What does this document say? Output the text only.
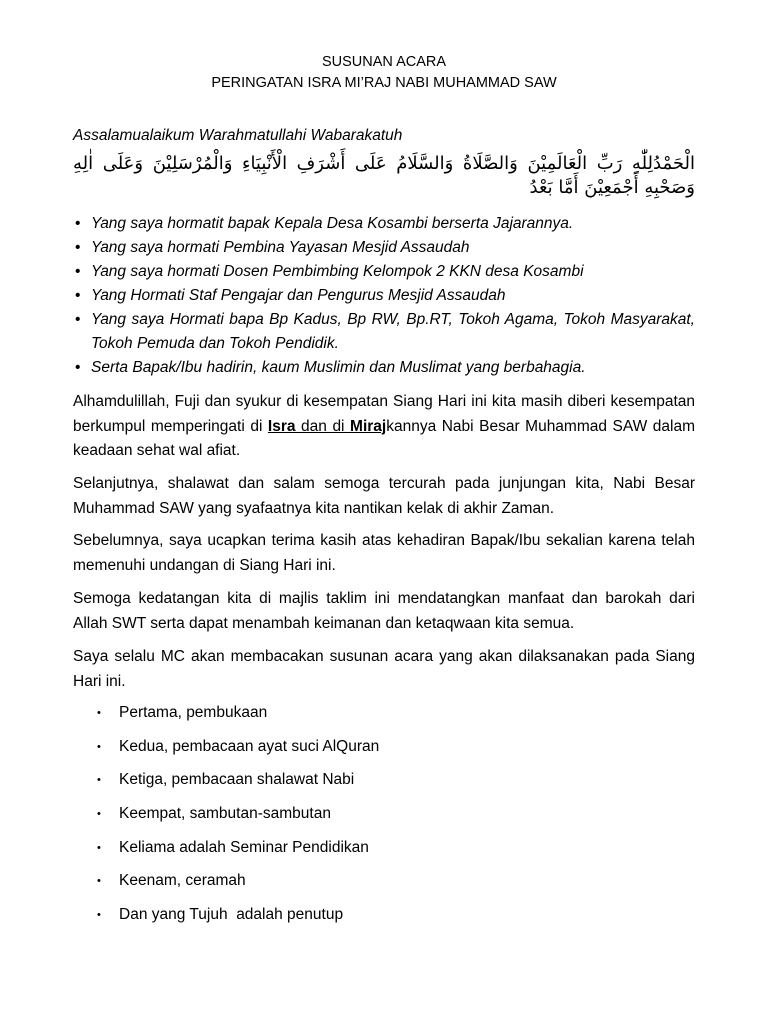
SUSUNAN ACARA
PERINGATAN ISRA MI’RAJ NABI MUHAMMAD SAW
Assalamualaikum Warahmatullahi Wabarakatuh
الْحَمْدُلِلّٰهِ رَبِّ الْعَالَمِيْنَ وَالصَّلَاةُ وَالسَّلَامُ عَلَى أَشْرَفِ الْأَنْبِيَاءِ وَالْمُرْسَلِيْنَ وَعَلَى اٰلِهِ وَصَحْبِهِ أَجْمَعِيْنَ أَمَّا بَعْدُ
• Yang saya hormatit bapak Kepala Desa Kosambi berserta Jajarannya.
• Yang saya hormati Pembina Yayasan Mesjid Assaudah
• Yang saya hormati Dosen Pembimbing Kelompok 2 KKN desa Kosambi
• Yang Hormati Staf Pengajar dan Pengurus Mesjid Assaudah
• Yang saya Hormati bapa Bp Kadus, Bp RW, Bp.RT, Tokoh Agama, Tokoh Masyarakat, Tokoh Pemuda dan Tokoh Pendidik.
• Serta Bapak/Ibu hadirin, kaum Muslimin dan Muslimat yang berbahagia.

Alhamdulillah, Fuji dan syukur di kesempatan Siang Hari ini kita masih diberi kesempatan berkumpul memperingati di Isra dan di Mirajkannya Nabi Besar Muhammad SAW dalam keadaan sehat wal afiat.

Selanjutnya, shalawat dan salam semoga tercurah pada junjungan kita, Nabi Besar Muhammad SAW yang syafaatnya kita nantikan kelak di akhir Zaman.

Sebelumnya, saya ucapkan terima kasih atas kehadiran Bapak/Ibu sekalian karena telah memenuhi undangan di Siang Hari ini.

Semoga kedatangan kita di majlis taklim ini mendatangkan manfaat dan barokah dari Allah SWT serta dapat menambah keimanan dan ketaqwaan kita semua.

Saya selalu MC akan membacakan susunan acara yang akan dilaksanakan pada Siang Hari ini.

• Pertama, pembukaan
• Kedua, pembacaan ayat suci AlQuran
• Ketiga, pembacaan shalawat Nabi
• Keempat, sambutan-sambutan
• Keliama adalah Seminar Pendidikan
• Keenam, ceramah
• Dan yang Tujuh  adalah penutup
